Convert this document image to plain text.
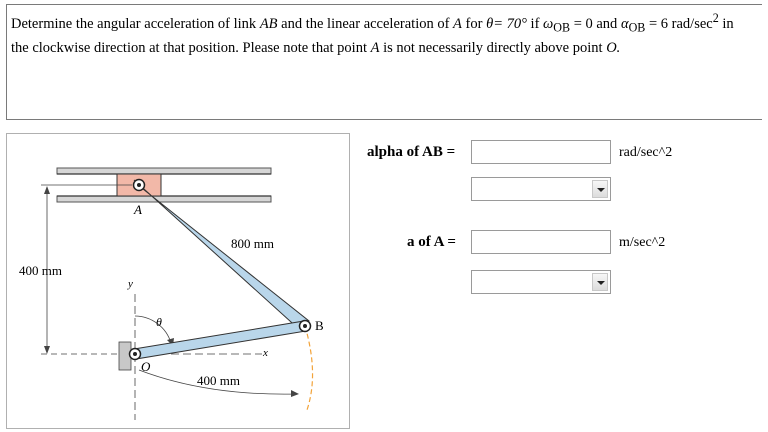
Determine the angular acceleration of link AB and the linear acceleration of A for θ= 70° if $\omega_{OB} = 0$ and $\alpha_{OB} = 6$ rad/$\sec^2$ in
the clockwise direction at that position. Please note that point A is not necessarily directly above point O.
A
800 mm
400 mm
y
θ	B
x
O
400 mm
alpha of AB =	rad/sec^2
a of A =	m/sec^2
